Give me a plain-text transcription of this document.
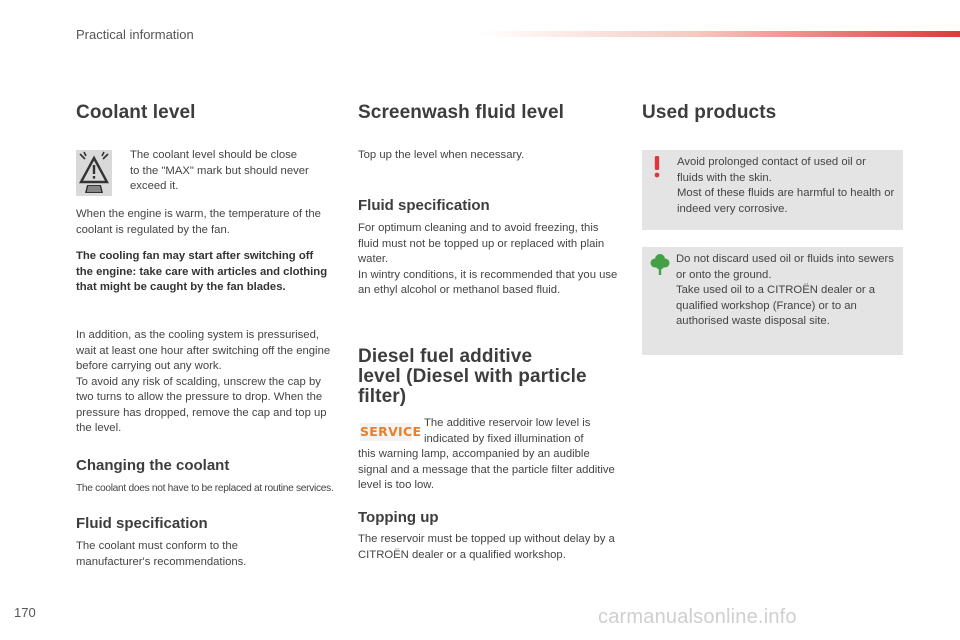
Practical information
Coolant level

The coolant level should be close

to the "MAX" mark but should never

exceed it.

When the engine is warm, the temperature of the coolant is regulated by the fan.

The cooling fan may start after switching off the engine: take care with articles and clothing that might be caught by the fan blades.

In addition, as the cooling system is pressurised, wait at least one hour after switching off the engine before carrying out any work.

To avoid any risk of scalding, unscrew the cap by two turns to allow the pressure to drop. When the pressure has dropped, remove the cap and top up the level.

Changing the coolant

The coolant does not have to be replaced at routine services.

Fluid specification

The coolant must conform to the manufacturer's recommendations.

Screenwash fluid level

Top up the level when necessary.

Fluid specification

For optimum cleaning and to avoid freezing, this fluid must not be topped up or replaced with plain water.

In wintry conditions, it is recommended that you use an ethyl alcohol or methanol based fluid.

Diesel fuel additive
level (Diesel with particle
filter)
SERVICE

The additive reservoir low level is

indicated by fixed illumination of

this warning lamp, accompanied by an audible signal and a message that the particle filter additive level is too low.

Topping up

The reservoir must be topped up without delay by a CITROËN dealer or a qualified workshop.

Used products

Avoid prolonged contact of used oil or fluids with the skin.

Most of these fluids are harmful to health or indeed very corrosive.

Do not discard used oil or fluids into sewers or onto the ground.

Take used oil to a CITROËN dealer or a qualified workshop (France) or to an authorised waste disposal site.

170	carmanualsonline.info
